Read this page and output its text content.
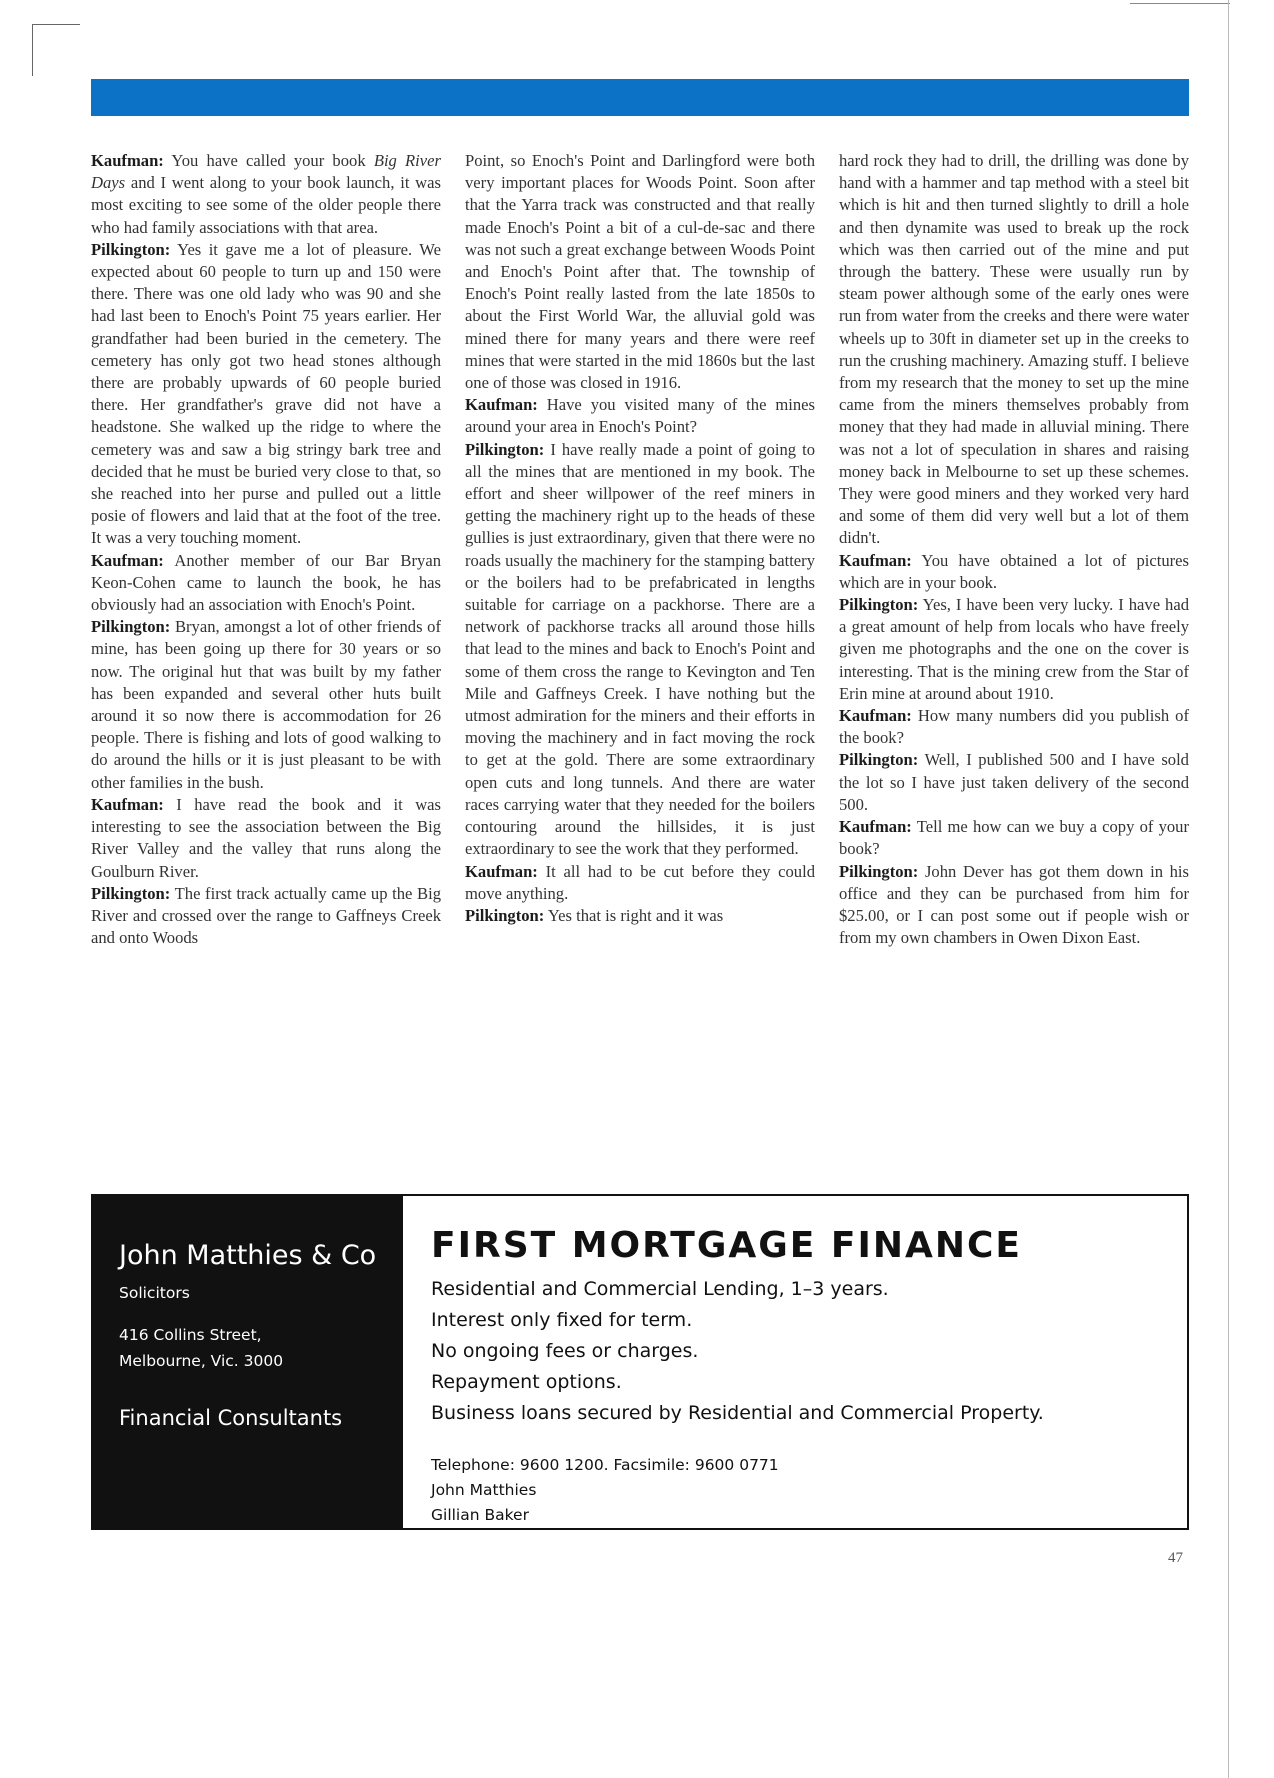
Kaufman: You have called your book Big River Days and I went along to your book launch, it was most exciting to see some of the older people there who had family associations with that area.

Pilkington: Yes it gave me a lot of pleasure. We expected about 60 people to turn up and 150 were there. There was one old lady who was 90 and she had last been to Enoch's Point 75 years earlier. Her grandfather had been buried in the cemetery. The cemetery has only got two head stones although there are probably upwards of 60 people buried there. Her grandfather's grave did not have a headstone. She walked up the ridge to where the cemetery was and saw a big stringy bark tree and decided that he must be buried very close to that, so she reached into her purse and pulled out a little posie of flowers and laid that at the foot of the tree. It was a very touching moment.

Kaufman: Another member of our Bar Bryan Keon-Cohen came to launch the book, he has obviously had an association with Enoch's Point.

Pilkington: Bryan, amongst a lot of other friends of mine, has been going up there for 30 years or so now. The original hut that was built by my father has been expanded and several other huts built around it so now there is accommodation for 26 people. There is fishing and lots of good walking to do around the hills or it is just pleasant to be with other families in the bush.

Kaufman: I have read the book and it was interesting to see the association between the Big River Valley and the valley that runs along the Goulburn River.

Pilkington: The first track actually came up the Big River and crossed over the range to Gaffneys Creek and onto Woods

Point, so Enoch's Point and Darlingford were both very important places for Woods Point. Soon after that the Yarra track was constructed and that really made Enoch's Point a bit of a cul-de-sac and there was not such a great exchange between Woods Point and Enoch's Point after that. The township of Enoch's Point really lasted from the late 1850s to about the First World War, the alluvial gold was mined there for many years and there were reef mines that were started in the mid 1860s but the last one of those was closed in 1916.

Kaufman: Have you visited many of the mines around your area in Enoch's Point?

Pilkington: I have really made a point of going to all the mines that are mentioned in my book. The effort and sheer willpower of the reef miners in getting the machinery right up to the heads of these gullies is just extraordinary, given that there were no roads usually the machinery for the stamping battery or the boilers had to be prefabricated in lengths suitable for carriage on a packhorse. There are a network of packhorse tracks all around those hills that lead to the mines and back to Enoch's Point and some of them cross the range to Kevington and Ten Mile and Gaffneys Creek. I have nothing but the utmost admiration for the miners and their efforts in moving the machinery and in fact moving the rock to get at the gold. There are some extraordinary open cuts and long tunnels. And there are water races carrying water that they needed for the boilers contouring around the hillsides, it is just extraordinary to see the work that they performed.

Kaufman: It all had to be cut before they could move anything.

Pilkington: Yes that is right and it was

hard rock they had to drill, the drilling was done by hand with a hammer and tap method with a steel bit which is hit and then turned slightly to drill a hole and then dynamite was used to break up the rock which was then carried out of the mine and put through the battery. These were usually run by steam power although some of the early ones were run from water from the creeks and there were water wheels up to 30ft in diameter set up in the creeks to run the crushing machinery. Amazing stuff. I believe from my research that the money to set up the mine came from the miners themselves probably from money that they had made in alluvial mining. There was not a lot of speculation in shares and raising money back in Melbourne to set up these schemes. They were good miners and they worked very hard and some of them did very well but a lot of them didn't.

Kaufman: You have obtained a lot of pictures which are in your book.

Pilkington: Yes, I have been very lucky. I have had a great amount of help from locals who have freely given me photographs and the one on the cover is interesting. That is the mining crew from the Star of Erin mine at around about 1910.

Kaufman: How many numbers did you publish of the book?

Pilkington: Well, I published 500 and I have sold the lot so I have just taken delivery of the second 500.

Kaufman: Tell me how can we buy a copy of your book?

Pilkington: John Dever has got them down in his office and they can be purchased from him for $25.00, or I can post some out if people wish or from my own chambers in Owen Dixon East.

John Matthies & Co

Solicitors

416 Collins Street,
Melbourne, Vic. 3000

Financial Consultants

FIRST MORTGAGE FINANCE

Residential and Commercial Lending, 1–3 years.

Interest only fixed for term.

No ongoing fees or charges.

Repayment options.

Business loans secured by Residential and Commercial Property.

Telephone: 9600 1200. Facsimile: 9600 0771

John Matthies

Gillian Baker

47
